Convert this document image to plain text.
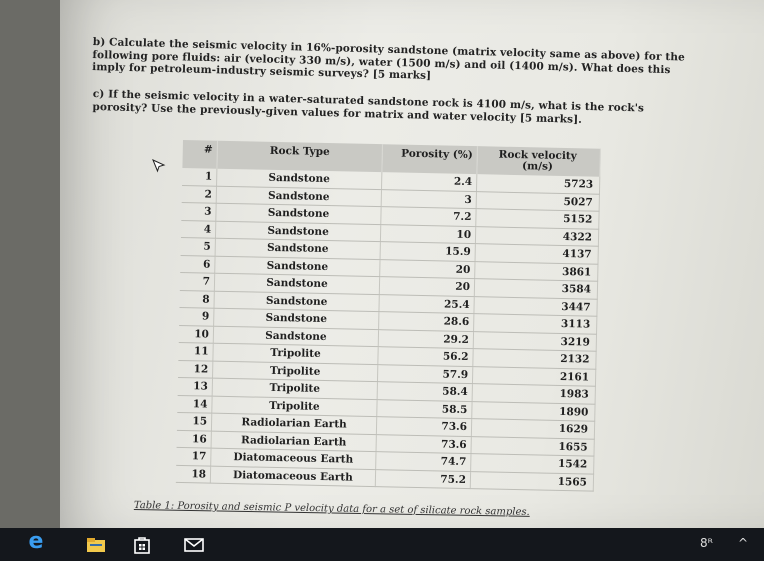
b) Calculate the seismic velocity in 16%-porosity sandstone (matrix velocity same as above) for the following pore fluids: air (velocity 330 m/s), water (1500 m/s) and oil (1400 m/s). What does this imply for petroleum-industry seismic surveys? [5 marks]
c) If the seismic velocity in a water-saturated sandstone rock is 4100 m/s, what is the rock's porosity? Use the previously-given values for matrix and water velocity [5 marks].
#	Rock Type	Porosity (%)	Rock velocity (m/s)
1	Sandstone	2.4	5723
2	Sandstone	3	5027
3	Sandstone	7.2	5152
4	Sandstone	10	4322
5	Sandstone	15.9	4137
6	Sandstone	20	3861
7	Sandstone	20	3584
8	Sandstone	25.4	3447
9	Sandstone	28.6	3113
10	Sandstone	29.2	3219
11	Tripolite	56.2	2132
12	Tripolite	57.9	2161
13	Tripolite	58.4	1983
14	Tripolite	58.5	1890
15	Radiolarian Earth	73.6	1629
16	Radiolarian Earth	73.6	1655
17	Diatomaceous Earth	74.7	1542
18	Diatomaceous Earth	75.2	1565
Table 1: Porosity and seismic P velocity data for a set of silicate rock samples.
e	8ᴿ ^
